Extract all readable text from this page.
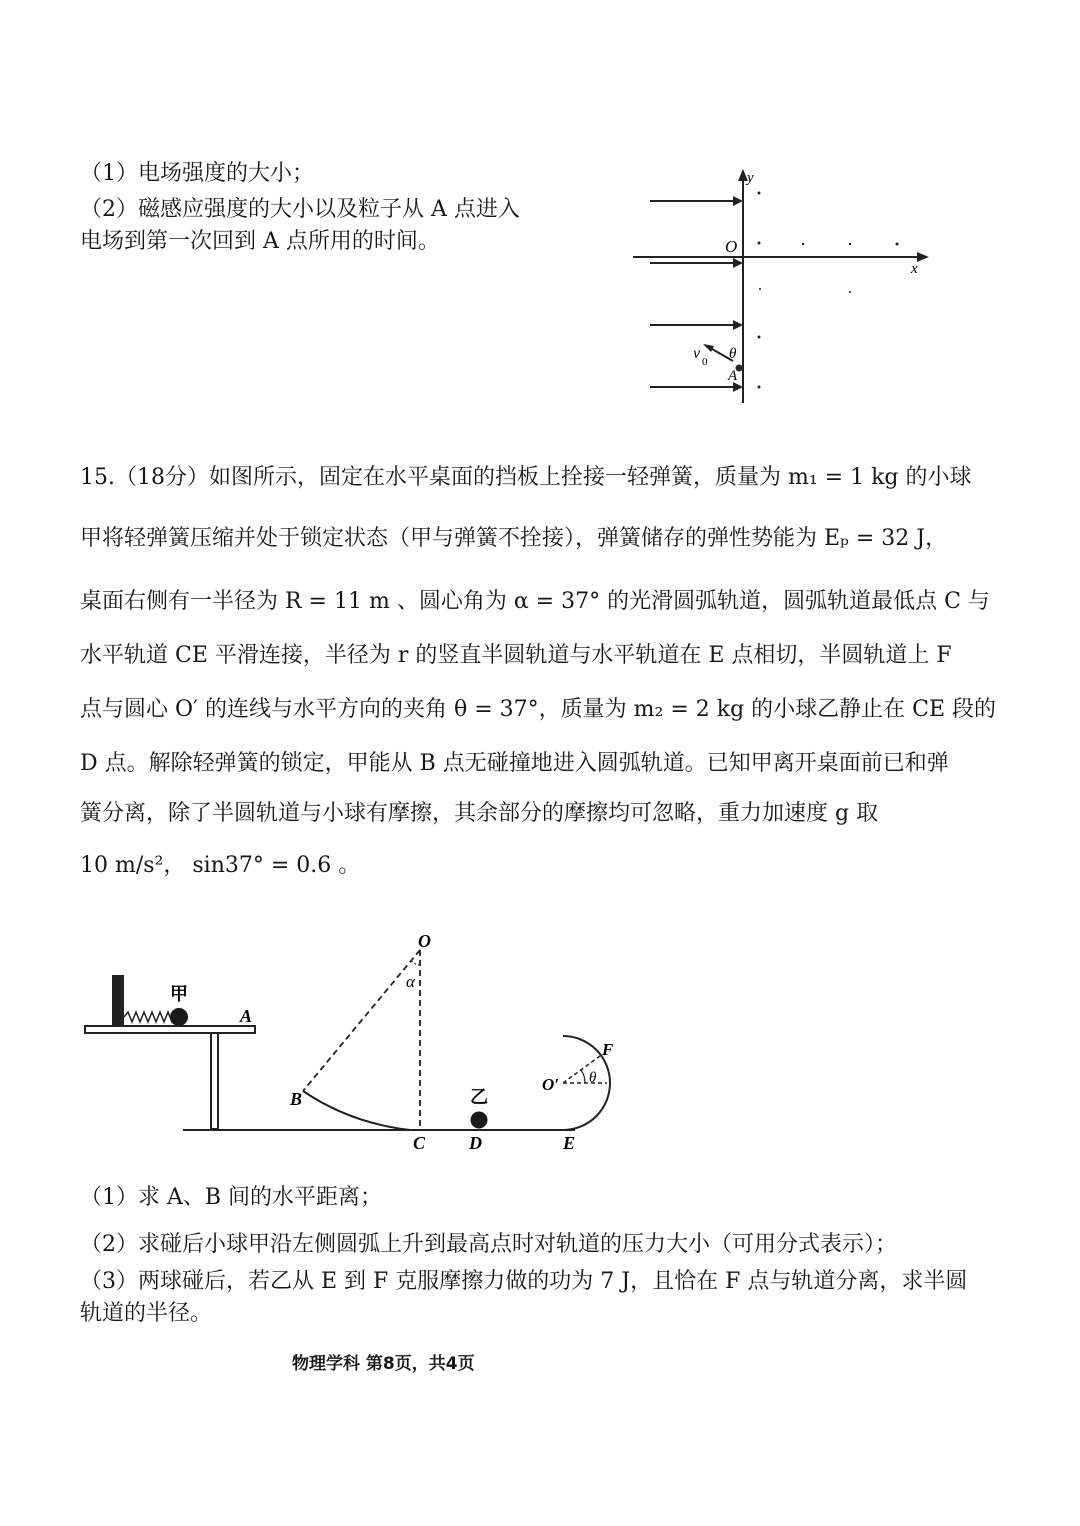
（1）电场强度的大小；
（2）磁感应强度的大小以及粒子从 A 点进入
电场到第一次回到 A 点所用的时间。
y
x
O
v 0 θ
A
15.（18分）如图所示，固定在水平桌面的挡板上拴接一轻弹簧，质量为 m₁ = 1 kg 的小球
甲将轻弹簧压缩并处于锁定状态（甲与弹簧不拴接），弹簧储存的弹性势能为 Eₚ = 32 J，
桌面右侧有一半径为 R = 11 m 、圆心角为 α = 37° 的光滑圆弧轨道，圆弧轨道最低点 C 与
水平轨道 CE 平滑连接，半径为 r 的竖直半圆轨道与水平轨道在 E 点相切，半圆轨道上 F
点与圆心 O′ 的连线与水平方向的夹角 θ = 37°，质量为 m₂ = 2 kg 的小球乙静止在 CE 段的
D 点。解除轻弹簧的锁定，甲能从 B 点无碰撞地进入圆弧轨道。已知甲离开桌面前已和弹
簧分离，除了半圆轨道与小球有摩擦，其余部分的摩擦均可忽略，重力加速度 g 取
10 m/s²， sin37° = 0.6 。
甲
A
O
α
B
C
乙
D	E
F
O′ θ
（1）求 A、B 间的水平距离；
（2）求碰后小球甲沿左侧圆弧上升到最高点时对轨道的压力大小（可用分式表示）；
（3）两球碰后，若乙从 E 到 F 克服摩擦力做的功为 7 J，且恰在 F 点与轨道分离，求半圆
轨道的半径。
物理学科 第8页，共4页
